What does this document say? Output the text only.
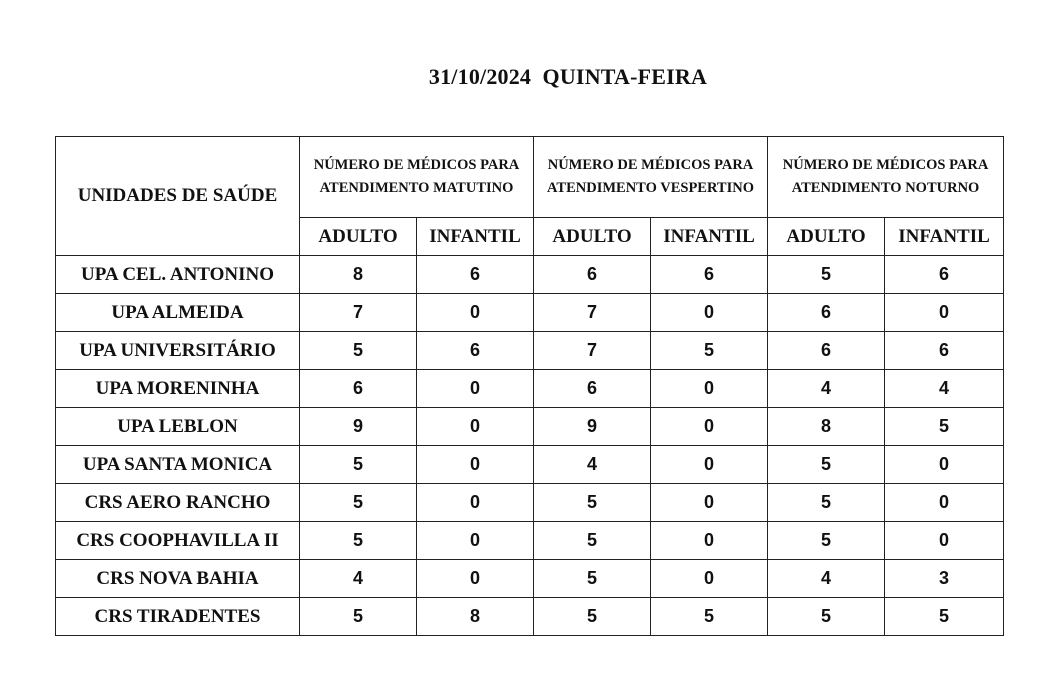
31/10/2024  QUINTA-FEIRA
UNIDADES DE SAÚDE	NÚMERO DE MÉDICOS PARA ATENDIMENTO MATUTINO		NÚMERO DE MÉDICOS PARA ATENDIMENTO VESPERTINO		NÚMERO DE MÉDICOS PARA ATENDIMENTO NOTURNO	
	ADULTO	INFANTIL	ADULTO	INFANTIL	ADULTO	INFANTIL
UPA CEL. ANTONINO	8	6	6	6	5	6
UPA ALMEIDA	7	0	7	0	6	0
UPA UNIVERSITÁRIO	5	6	7	5	6	6
UPA MORENINHA	6	0	6	0	4	4
UPA LEBLON	9	0	9	0	8	5
UPA SANTA MONICA	5	0	4	0	5	0
CRS AERO RANCHO	5	0	5	0	5	0
CRS COOPHAVILLA II	5	0	5	0	5	0
CRS NOVA BAHIA	4	0	5	0	4	3
CRS TIRADENTES	5	8	5	5	5	5
